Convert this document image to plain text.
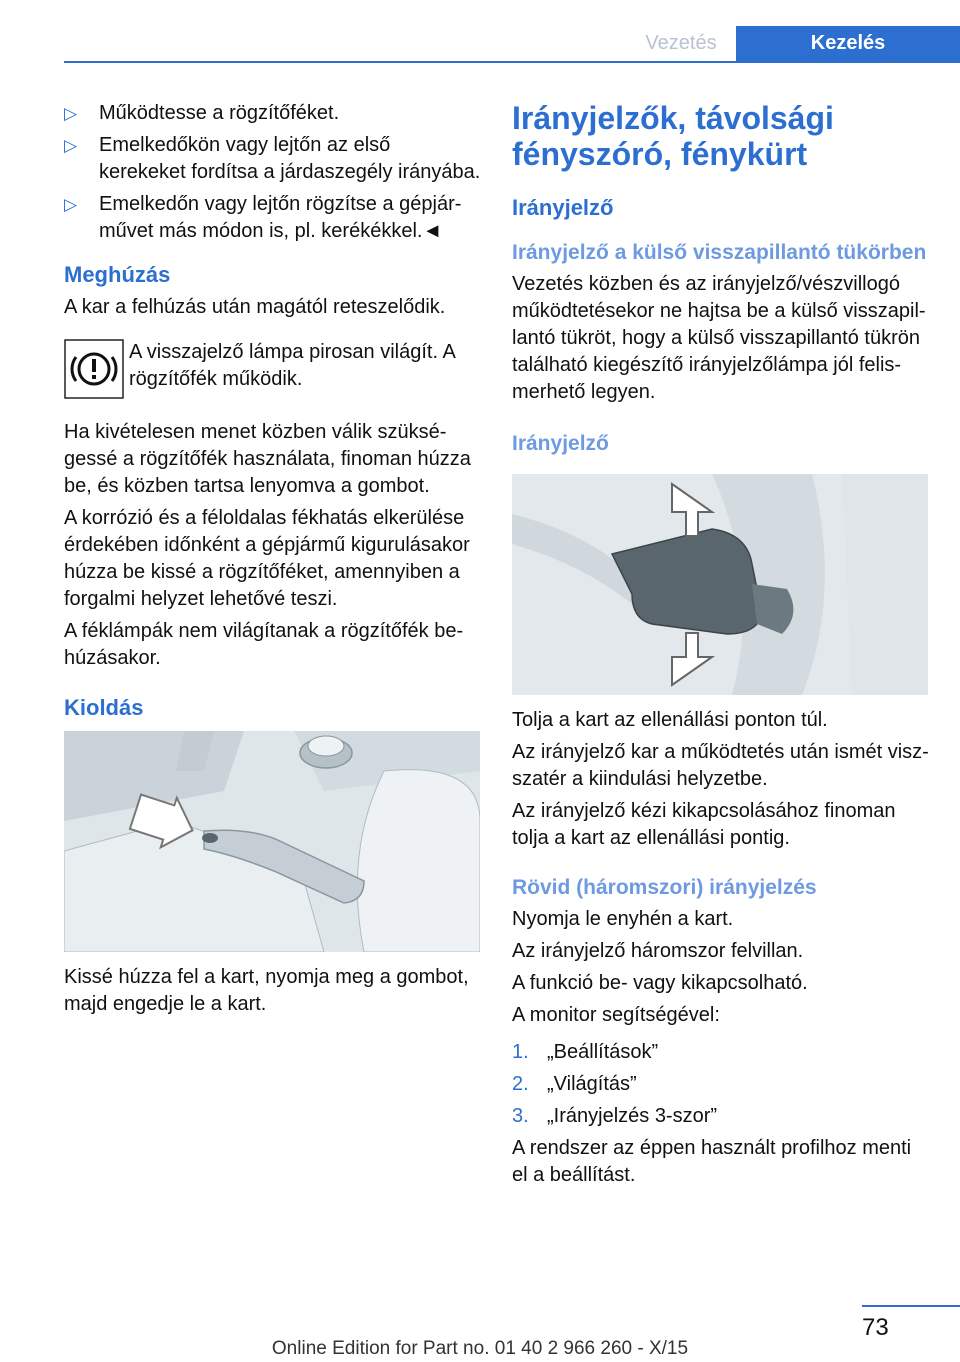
Vezetés	Kezelés
▷ Működtesse a rögzítőféket.
▷ Emelkedőkön vagy lejtőn az első kerekeket fordítsa a járdaszegély irányába.
▷ Emelkedőn vagy lejtőn rögzítse a gépjár‐ művet más módon is, pl. kerékékkel.◄
Meghúzás

A kar a felhúzás után magától reteszelődik.

A visszajelző lámpa pirosan világít. A rögzítőfék működik.

Ha kivételesen menet közben válik szüksé‐ gessé a rögzítőfék használata, finoman húzza be, és közben tartsa lenyomva a gombot.

A korrózió és a féloldalas fékhatás elkerülése érdekében időnként a gépjármű kigurulásakor húzza be kissé a rögzítőféket, amennyiben a forgalmi helyzet lehetővé teszi.

A féklámpák nem világítanak a rögzítőfék be‐ húzásakor.

Kioldás

Kissé húzza fel a kart, nyomja meg a gombot, majd engedje le a kart.

Irányjelzők, távolsági fényszóró, fénykürt
Irányjelző
Irányjelző a külső visszapillantó tükörben

Vezetés közben és az irányjelző/vészvillogó működtetésekor ne hajtsa be a külső visszapil‐ lantó tükröt, hogy a külső visszapillantó tükrön található kiegészítő irányjelzőlámpa jól felis‐ merhető legyen.

Irányjelző

Tolja a kart az ellenállási ponton túl.

Az irányjelző kar a működtetés után ismét visz‐ szatér a kiindulási helyzetbe.

Az irányjelző kézi kikapcsolásához finoman tolja a kart az ellenállási pontig.

Rövid (háromszori) irányjelzés

Nyomja le enyhén a kart.

Az irányjelző háromszor felvillan.

A funkció be- vagy kikapcsolható.

A monitor segítségével:

1. „Beállítások”
2. „Világítás”
3. „Irányjelzés 3-szor”

A rendszer az éppen használt profilhoz menti el a beállítást.

73
Online Edition for Part no. 01 40 2 966 260 - X/15
